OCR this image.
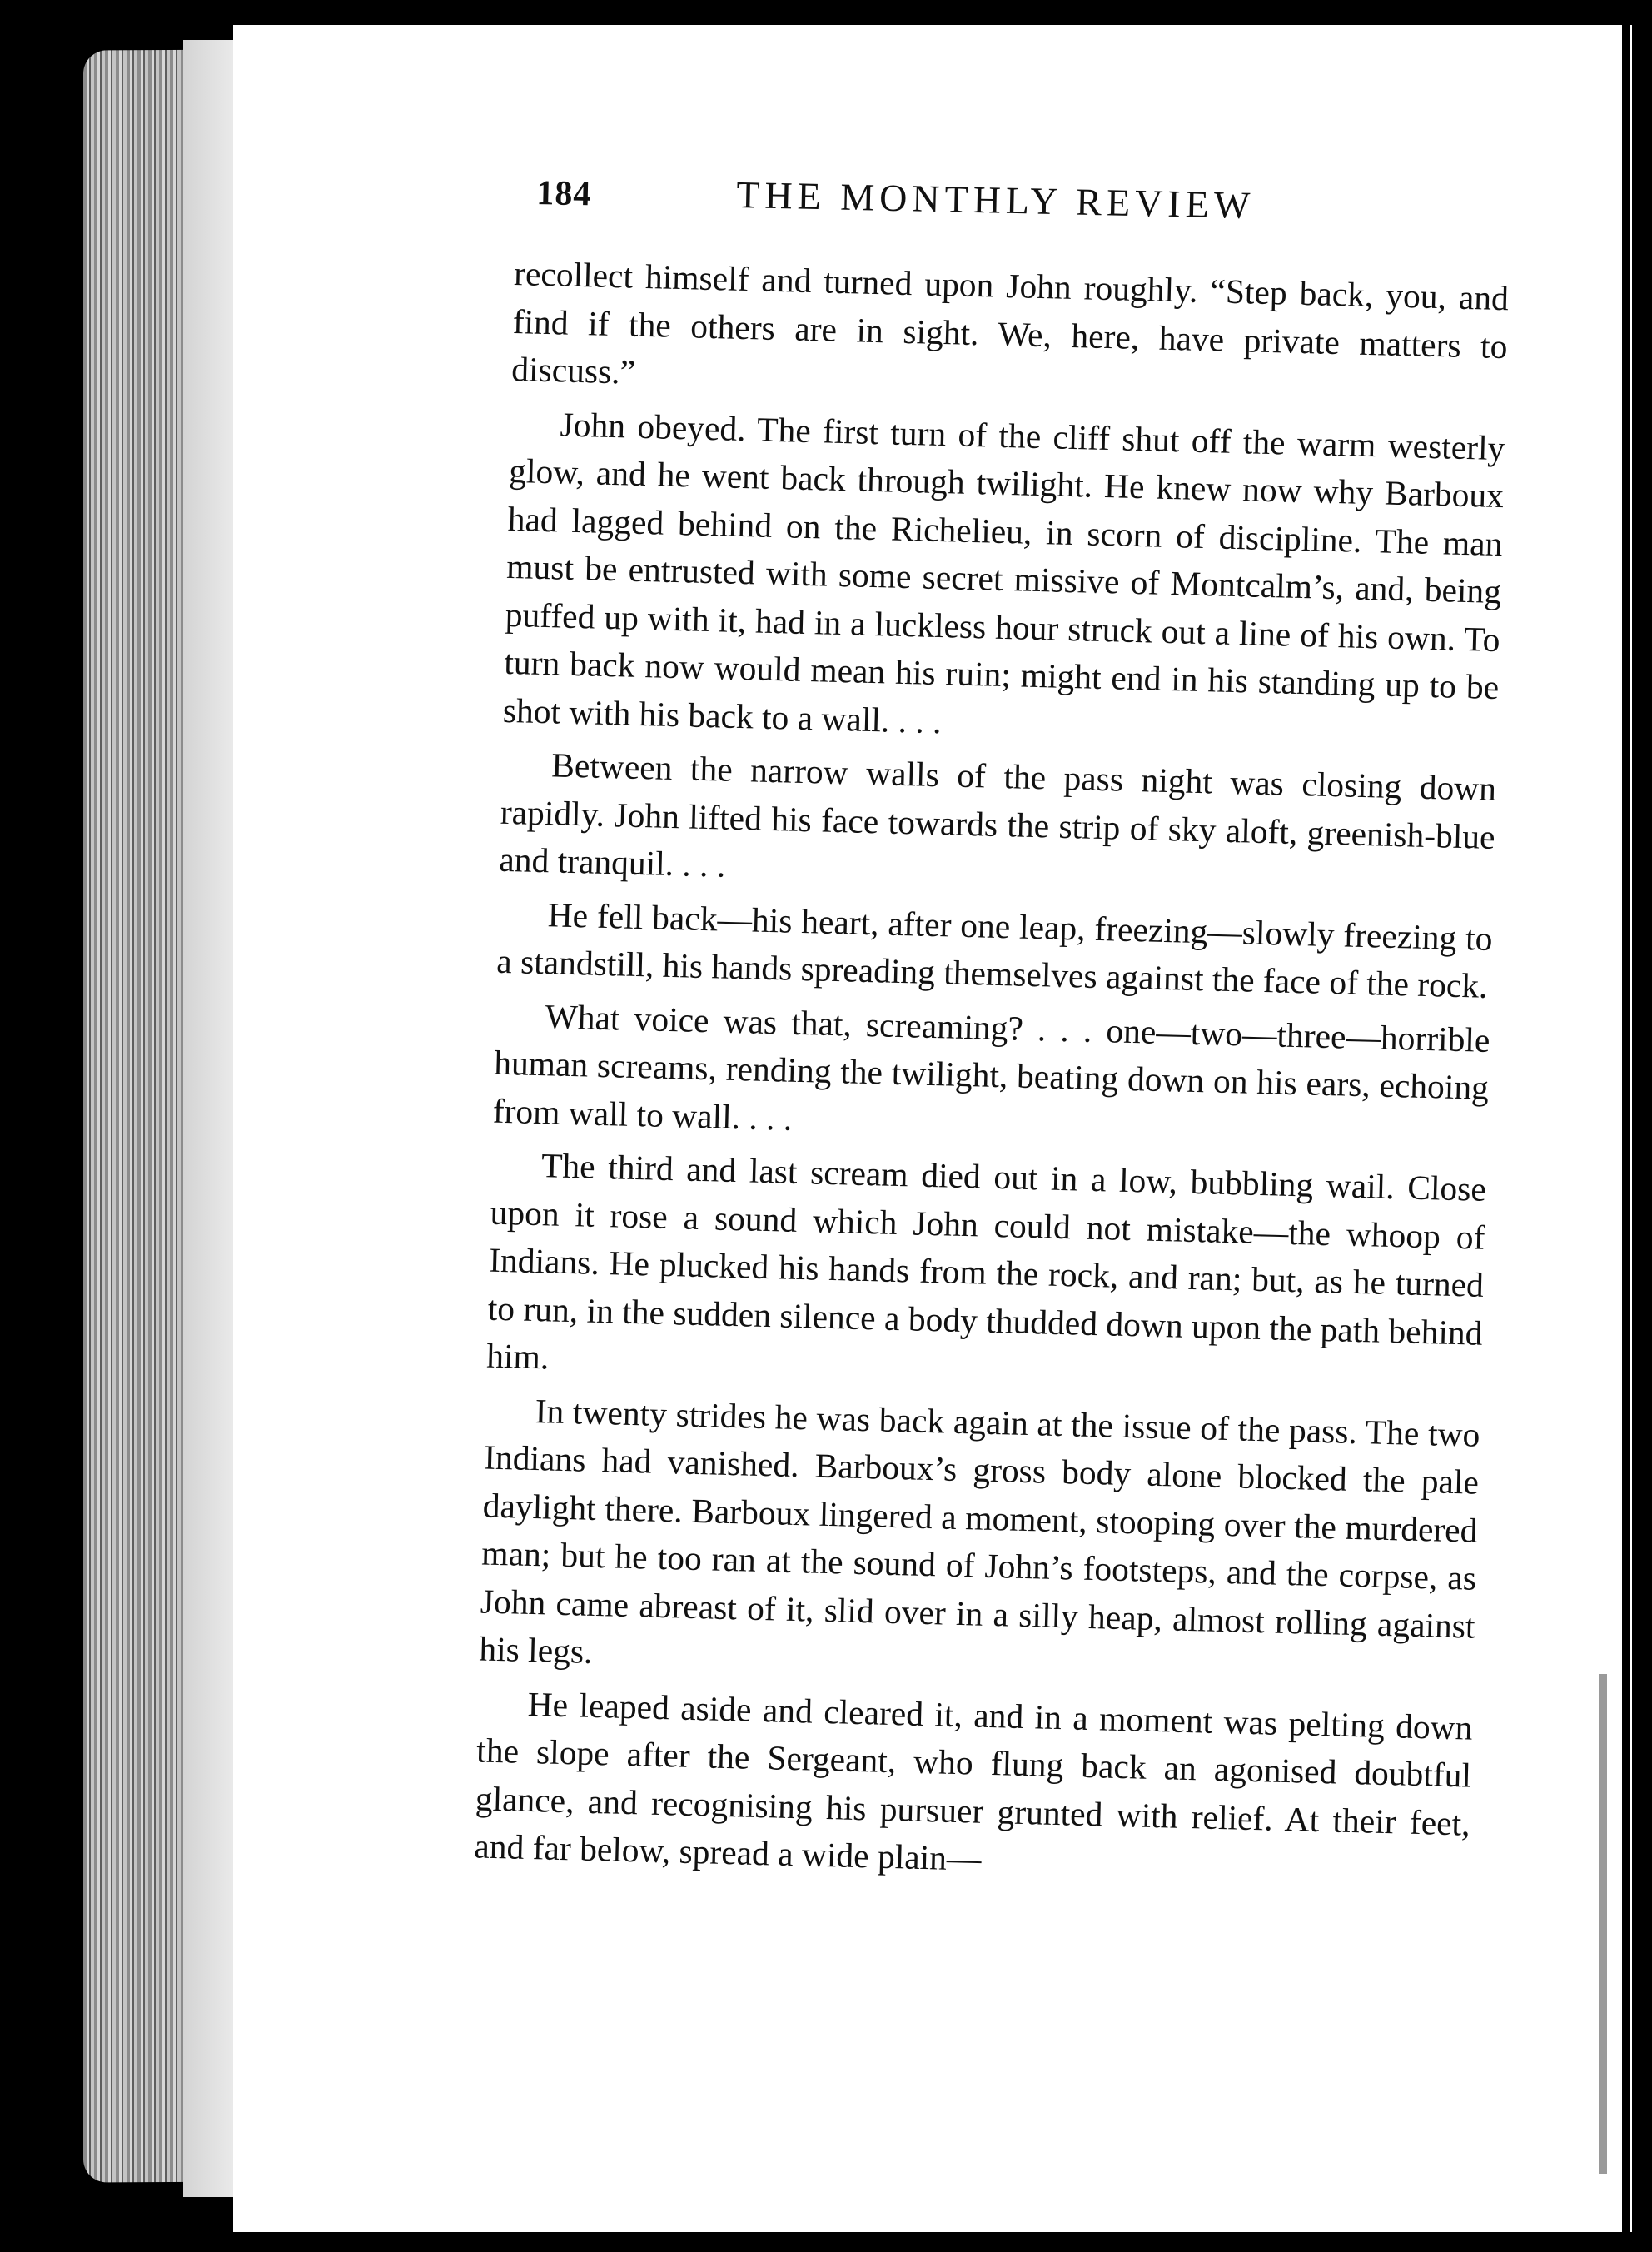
184	THE MONTHLY REVIEW

recollect himself and turned upon John roughly. “Step back, you, and find if the others are in sight. We, here, have private matters to discuss.”

John obeyed. The first turn of the cliff shut off the warm westerly glow, and he went back through twilight. He knew now why Barboux had lagged behind on the Richelieu, in scorn of discipline. The man must be entrusted with some secret missive of Montcalm’s, and, being puffed up with it, had in a luckless hour struck out a line of his own. To turn back now would mean his ruin; might end in his standing up to be shot with his back to a wall. . . .

Between the narrow walls of the pass night was closing down rapidly. John lifted his face towards the strip of sky aloft, greenish-blue and tranquil. . . .

He fell back—his heart, after one leap, freezing—slowly freezing to a standstill, his hands spreading themselves against the face of the rock.

What voice was that, screaming? . . . one—two—three—horrible human screams, rending the twilight, beating down on his ears, echoing from wall to wall. . . .

The third and last scream died out in a low, bubbling wail. Close upon it rose a sound which John could not mistake—the whoop of Indians. He plucked his hands from the rock, and ran; but, as he turned to run, in the sudden silence a body thudded down upon the path behind him.

In twenty strides he was back again at the issue of the pass. The two Indians had vanished. Barboux’s gross body alone blocked the pale daylight there. Barboux lingered a moment, stooping over the murdered man; but he too ran at the sound of John’s footsteps, and the corpse, as John came abreast of it, slid over in a silly heap, almost rolling against his legs.

He leaped aside and cleared it, and in a moment was pelting down the slope after the Sergeant, who flung back an agonised doubtful glance, and recognising his pursuer grunted with relief. At their feet, and far below, spread a wide plain—
